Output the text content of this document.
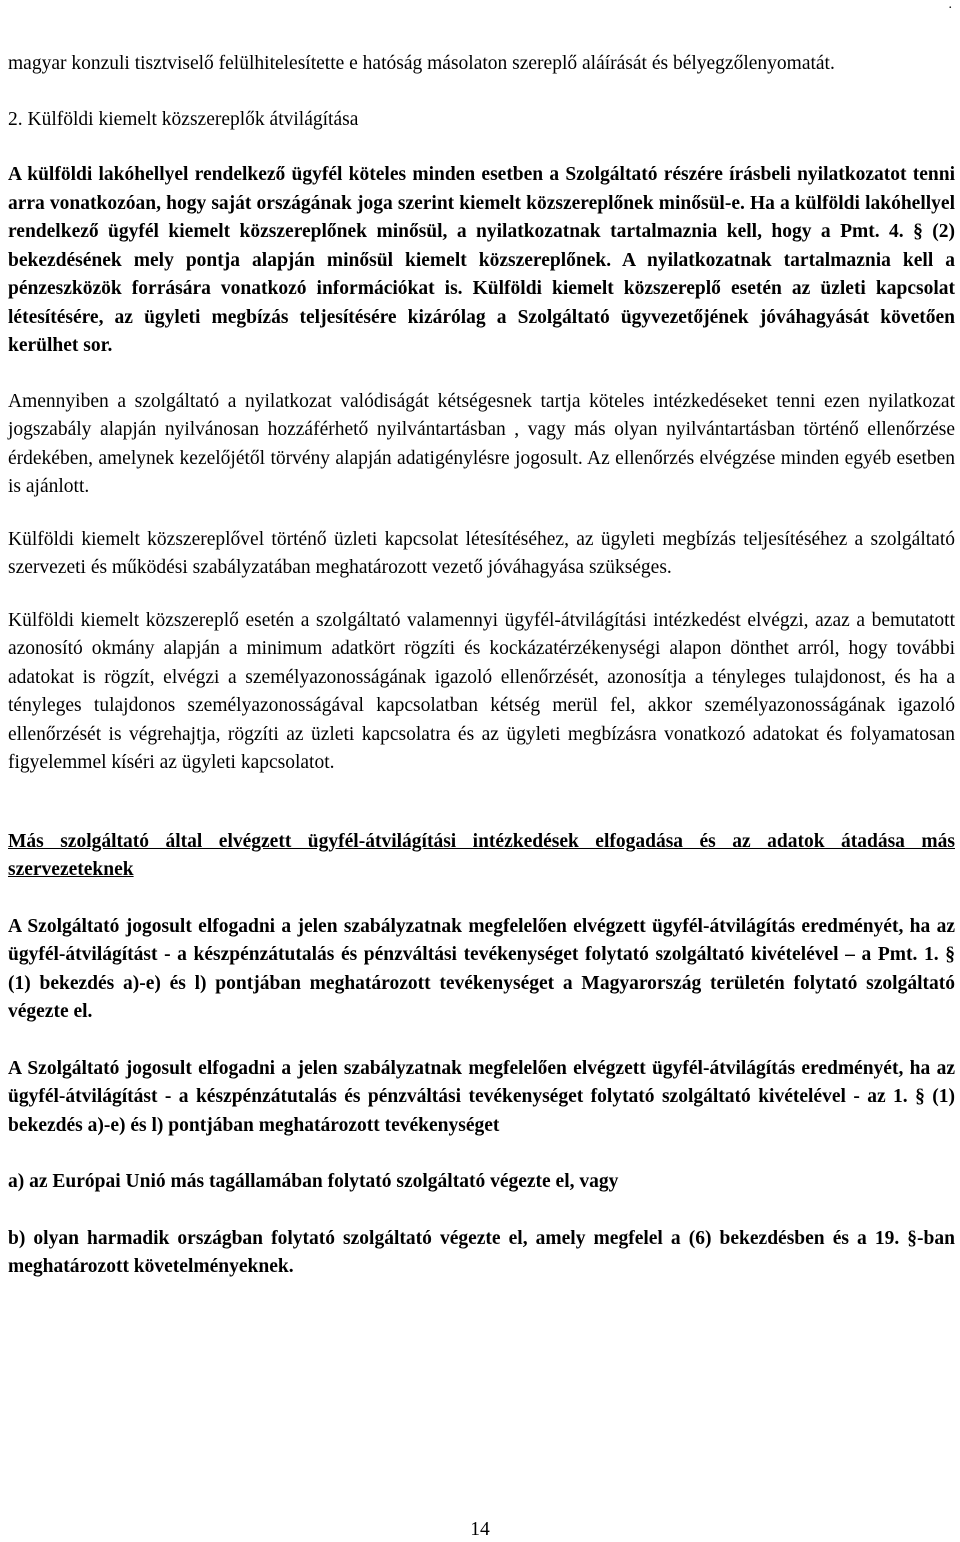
.

magyar konzuli tisztviselő felülhitelesítette e hatóság másolaton szereplő aláírását és bélyegzőlenyomatát.

2. Külföldi kiemelt közszereplők átvilágítása

A külföldi lakóhellyel rendelkező ügyfél köteles minden esetben a Szolgáltató részére írásbeli nyilatkozatot tenni arra vonatkozóan, hogy saját országának joga szerint kiemelt közszereplőnek minősül-e. Ha a külföldi lakóhellyel rendelkező ügyfél kiemelt közszereplőnek minősül, a nyilatkozatnak tartalmaznia kell, hogy a Pmt. 4. § (2) bekezdésének mely pontja alapján minősül kiemelt közszereplőnek. A nyilatkozatnak tartalmaznia kell a pénzeszközök forrására vonatkozó információkat is. Külföldi kiemelt közszereplő esetén az üzleti kapcsolat létesítésére, az ügyleti megbízás teljesítésére kizárólag a Szolgáltató ügyvezetőjének jóváhagyását követően kerülhet sor.

Amennyiben a szolgáltató a nyilatkozat valódiságát kétségesnek tartja köteles intézkedéseket tenni ezen nyilatkozat jogszabály alapján nyilvánosan hozzáférhető nyilvántartásban , vagy más olyan nyilvántartásban történő ellenőrzése érdekében, amelynek kezelőjétől törvény alapján adatigénylésre jogosult. Az ellenőrzés elvégzése minden egyéb esetben is ajánlott.

Külföldi kiemelt közszereplővel történő üzleti kapcsolat létesítéséhez, az ügyleti megbízás teljesítéséhez a szolgáltató szervezeti és működési szabályzatában meghatározott vezető jóváhagyása szükséges.

Külföldi kiemelt közszereplő esetén a szolgáltató valamennyi ügyfél-átvilágítási intézkedést elvégzi, azaz a bemutatott azonosító okmány alapján a minimum adatkört rögzíti és kockázatérzékenységi alapon dönthet arról, hogy további adatokat is rögzít, elvégzi a személyazonosságának igazoló ellenőrzését, azonosítja a tényleges tulajdonost, és ha a tényleges tulajdonos személyazonosságával kapcsolatban kétség merül fel, akkor személyazonosságának igazoló ellenőrzését is végrehajtja, rögzíti az üzleti kapcsolatra és az ügyleti megbízásra vonatkozó adatokat és folyamatosan figyelemmel kíséri az ügyleti kapcsolatot.

Más szolgáltató által elvégzett ügyfél-átvilágítási intézkedések elfogadása és az adatok átadása más szervezeteknek

A Szolgáltató jogosult elfogadni a jelen szabályzatnak megfelelően elvégzett ügyfél-átvilágítás eredményét, ha az ügyfél-átvilágítást - a készpénzátutalás és pénzváltási tevékenységet folytató szolgáltató kivételével – a Pmt. 1. § (1) bekezdés a)-e) és l) pontjában meghatározott tevékenységet a Magyarország területén folytató szolgáltató végezte el.

A Szolgáltató jogosult elfogadni a jelen szabályzatnak megfelelően elvégzett ügyfél-átvilágítás eredményét, ha az ügyfél-átvilágítást - a készpénzátutalás és pénzváltási tevékenységet folytató szolgáltató kivételével - az 1. § (1) bekezdés a)-e) és l) pontjában meghatározott tevékenységet

a) az Európai Unió más tagállamában folytató szolgáltató végezte el, vagy

b) olyan harmadik országban folytató szolgáltató végezte el, amely megfelel a (6) bekezdésben és a 19. §-ban meghatározott követelményeknek.

14
